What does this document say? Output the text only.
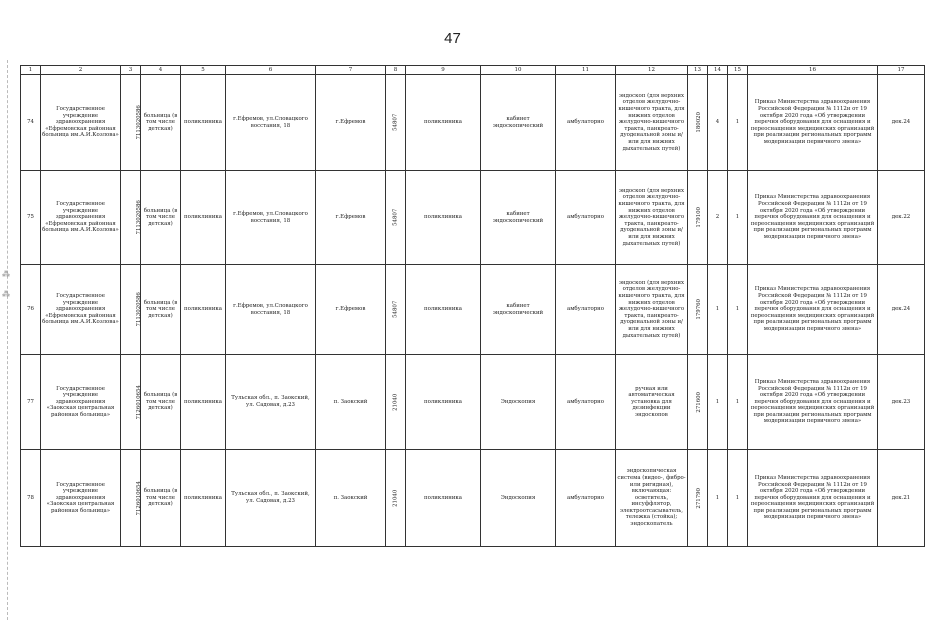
47
⁂
⁂
1	2	3	4	5	6	7	8	9	10	11	12	13	14	15	16	17
74	Государственное учреждение здравоохранения «Ефремовская районная больница им.А.И.Козлова»	7113020586	больница (в том числе детская)	поликлиника	г.Ефремов, ул.Словацкого восстания, 18	г.Ефремов	54807	поликлиника	кабинет эндоскопический	амбулаторно	эндоскоп (для верхних отделов желудочно-кишечного тракта, для нижних отделов желудочно-кишечного тракта, панкреато-дуоденальной зоны и/или для нижних дыхательных путей)	180020	4	1	Приказ Министерства здравоохранения Российской Федерации № 1112н от 19 октября 2020 года «Об утверждении перечня оборудования для оснащения и переоснащения медицинских организаций при реализации региональных программ модернизации первичного звена»	дек.24
75	Государственное учреждение здравоохранения «Ефремовская районная больница им.А.И.Козлова»	7113020586	больница (в том числе детская)	поликлиника	г.Ефремов, ул.Словацкого восстания, 18	г.Ефремов	54807	поликлиника	кабинет эндоскопический	амбулаторно	эндоскоп (для верхних отделов желудочно-кишечного тракта, для нижних отделов желудочно-кишечного тракта, панкреато-дуоденальной зоны и/или для нижних дыхательных путей)	179100	2	1	Приказ Министерства здравоохранения Российской Федерации № 1112н от 19 октября 2020 года «Об утверждении перечня оборудования для оснащения и переоснащения медицинских организаций при реализации региональных программ модернизации первичного звена»	дек.22
76	Государственное учреждение здравоохранения «Ефремовская районная больница им.А.И.Козлова»	7113020586	больница (в том числе детская)	поликлиника	г.Ефремов, ул.Словацкого восстания, 18	г.Ефремов	54807	поликлиника	кабинет эндоскопический	амбулаторно	эндоскоп (для верхних отделов желудочно-кишечного тракта, для нижних отделов желудочно-кишечного тракта, панкреато-дуоденальной зоны и/или для нижних дыхательных путей)	179760	1	1	Приказ Министерства здравоохранения Российской Федерации № 1112н от 19 октября 2020 года «Об утверждении перечня оборудования для оснащения и переоснащения медицинских организаций при реализации региональных программ модернизации первичного звена»	дек.24
77	Государственное учреждение здравоохранения «Заокская центральная районная больница»	7126010654	больница (в том числе детская)	поликлиника	Тульская обл., п. Заокский, ул. Садовая, д.23	п. Заокский	21040	поликлиника	Эндоскопия	амбулаторно	ручная или автоматическая установка для дезинфекции эндоскопов	271600	1	1	Приказ Министерства здравоохранения Российской Федерации № 1112н от 19 октября 2020 года «Об утверждении перечня оборудования для оснащения и переоснащения медицинских организаций при реализации региональных программ модернизации первичного звена»	дек.23
78	Государственное учреждение здравоохранения «Заокская центральная районная больница»	7126010654	больница (в том числе детская)	поликлиника	Тульская обл., п. Заокский, ул. Садовая, д.23	п. Заокский	21040	поликлиника	Эндоскопия	амбулаторно	эндоскопическая система (видео-, фибро- или ригидная), включающая: осветитель, инсуффлятор, электроотсасыватель, тележка (стойка); эндоскопатель	271790	1	1	Приказ Министерства здравоохранения Российской Федерации № 1112н от 19 октября 2020 года «Об утверждении перечня оборудования для оснащения и переоснащения медицинских организаций при реализации региональных программ модернизации первичного звена»	дек.21
